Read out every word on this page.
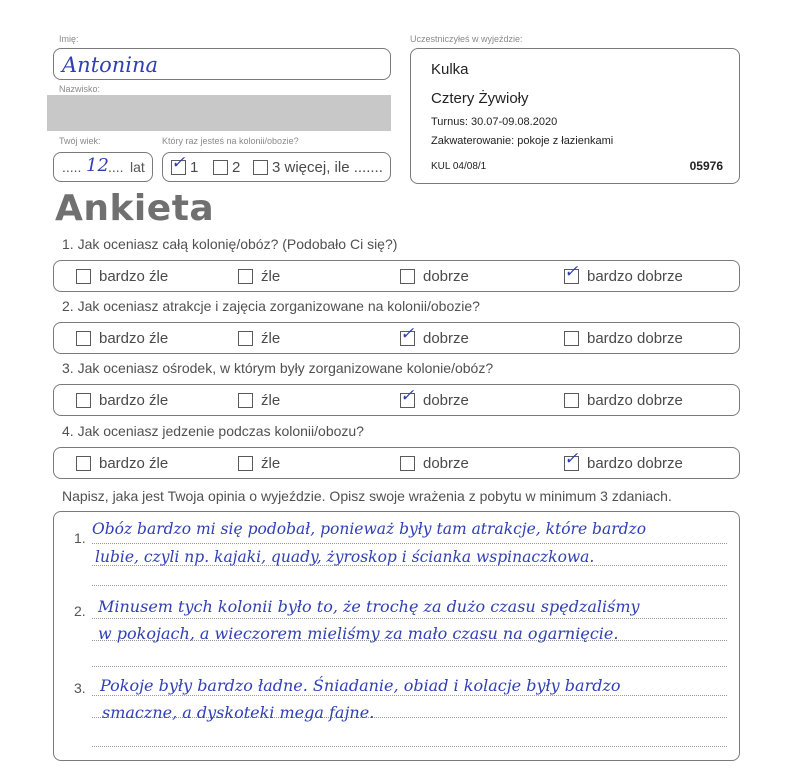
Imię:
Antonina
Nazwisko:
Twój wiek:
..... 12 .... lat
Który raz jesteś na kolonii/obozie?
✓ 1 2 3 więcej, ile .......
Uczestniczyłeś w wyjeździe:
Kulka
Cztery Żywioły
Turnus: 30.07-09.08.2020
Zakwaterowanie: pokoje z łazienkami
KUL 04/08/1	05976
Ankieta
1. Jak oceniasz całą kolonię/obóz? (Podobało Ci się?)
bardzo źle	źle	dobrze	✓ bardzo dobrze
2. Jak oceniasz atrakcje i zajęcia zorganizowane na kolonii/obozie?
bardzo źle	źle	✓ dobrze	bardzo dobrze
3. Jak oceniasz ośrodek, w którym były zorganizowane kolonie/obóz?
bardzo źle	źle	✓ dobrze	bardzo dobrze
4. Jak oceniasz jedzenie podczas kolonii/obozu?
bardzo źle	źle	dobrze	✓ bardzo dobrze
Napisz, jaka jest Twoja opinia o wyjeździe. Opisz swoje wrażenia z pobytu w minimum 3 zdaniach.
1. Obóz bardzo mi się podobał, ponieważ były tam atrakcje, które bardzo
lubie, czyli np. kajaki, quady, żyroskop i ścianka wspinaczkowa.
2. Minusem tych kolonii było to, że trochę za dużo czasu spędzaliśmy
w pokojach, a wieczorem mieliśmy za mało czasu na ogarnięcie.
3. Pokoje były bardzo ładne. Śniadanie, obiad i kolacje były bardzo
smaczne, a dyskoteki mega fajne.
